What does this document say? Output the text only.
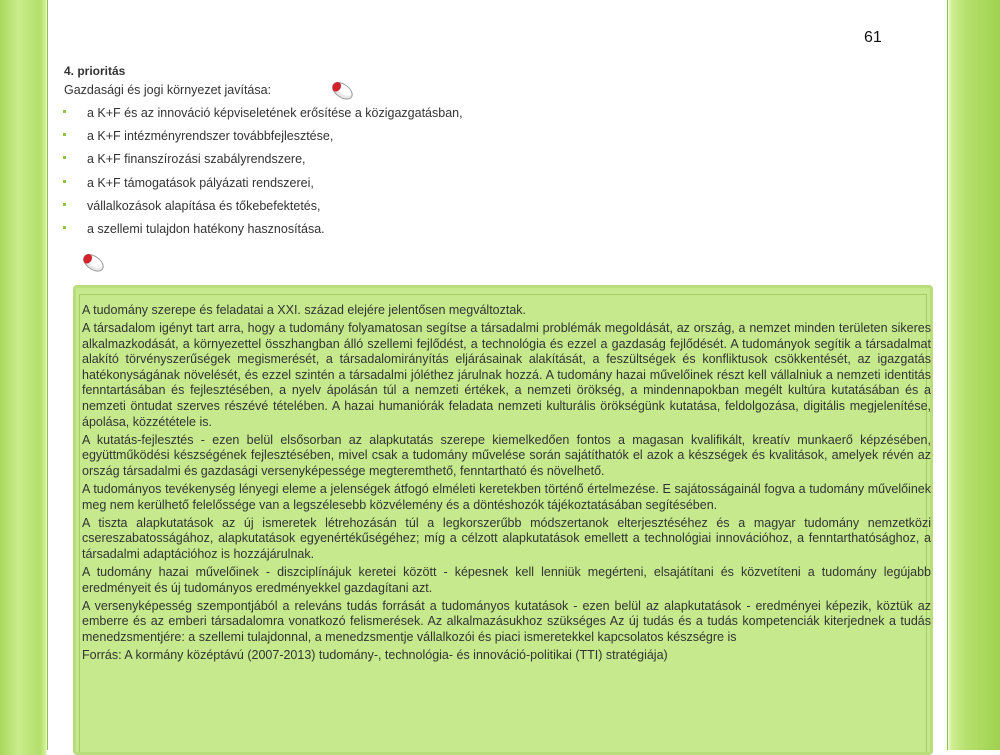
61
4. prioritás
Gazdasági és jogi környezet javítása:
a K+F és az innováció képviseletének erősítése a közigazgatásban,
a K+F intézményrendszer továbbfejlesztése,
a K+F finanszírozási szabályrendszere,
a K+F támogatások pályázati rendszerei,
vállalkozások alapítása és tőkebefektetés,
a szellemi tulajdon hatékony hasznosítása.

A tudomány szerepe és feladatai a XXI. század elejére jelentősen megváltoztak.

A társadalom igényt tart arra, hogy a tudomány folyamatosan segítse a társadalmi problémák megoldását, az ország, a nemzet minden területen sikeres alkalmazkodását, a környezettel összhangban álló szellemi fejlődést, a technológia és ezzel a gazdaság fejlődését. A tudományok segítik a társadalmat alakító törvényszerűségek megismerését, a társadalomirányítás eljárásainak alakítását, a feszültségek és konfliktusok csökkentését, az igazgatás hatékonyságának növelését, és ezzel szintén a társadalmi jóléthez járulnak hozzá. A tudomány hazai művelőinek részt kell vállalniuk a nemzeti identitás fenntartásában és fejlesztésében, a nyelv ápolásán túl a nemzeti értékek, a nemzeti örökség, a mindennapokban megélt kultúra kutatásában és a nemzeti öntudat szerves részévé tételében. A hazai humaniórák feladata nemzeti kulturális örökségünk kutatása, feldolgozása, digitális megjelenítése, ápolása, közzététele is.

A kutatás-fejlesztés - ezen belül elsősorban az alapkutatás szerepe kiemelkedően fontos a magasan kvalifikált, kreatív munkaerő képzésében, együttműködési készségének fejlesztésében, mivel csak a tudomány művelése során sajátíthatók el azok a készségek és kvalitások, amelyek révén az ország társadalmi és gazdasági versenyképessége megteremthető, fenntartható és növelhető.

A tudományos tevékenység lényegi eleme a jelenségek átfogó elméleti keretekben történő értelmezése. E sajátosságainál fogva a tudomány művelőinek meg nem kerülhető felelőssége van a legszélesebb közvélemény és a döntéshozók tájékoztatásában segítésében.

A tiszta alapkutatások az új ismeretek létrehozásán túl a legkorszerűbb módszertanok elterjesztéséhez és a magyar tudomány nemzetközi csereszabatosságához, alapkutatások egyenértékűségéhez; míg a célzott alapkutatások emellett a technológiai innovációhoz, a fenntarthatósághoz, a társadalmi adaptációhoz is hozzájárulnak.

A tudomány hazai művelőinek - diszciplínájuk keretei között - képesnek kell lenniük megérteni, elsajátítani és közvetíteni a tudomány legújabb eredményeit és új tudományos eredményekkel gazdagítani azt.

A versenyképesség szempontjából a releváns tudás forrását a tudományos kutatások - ezen belül az alapkutatások - eredményei képezik, köztük az emberre és az emberi társadalomra vonatkozó felismerések. Az alkalmazásukhoz szükséges Az új tudás és a tudás kompetenciák kiterjednek a tudás menedzsmentjére: a szellemi tulajdonnal, a menedzsmentje vállalkozói és piaci ismeretekkel kapcsolatos készségre is

Forrás: A kormány középtávú (2007-2013) tudomány-, technológia- és innováció-politikai (TTI) stratégiája)
